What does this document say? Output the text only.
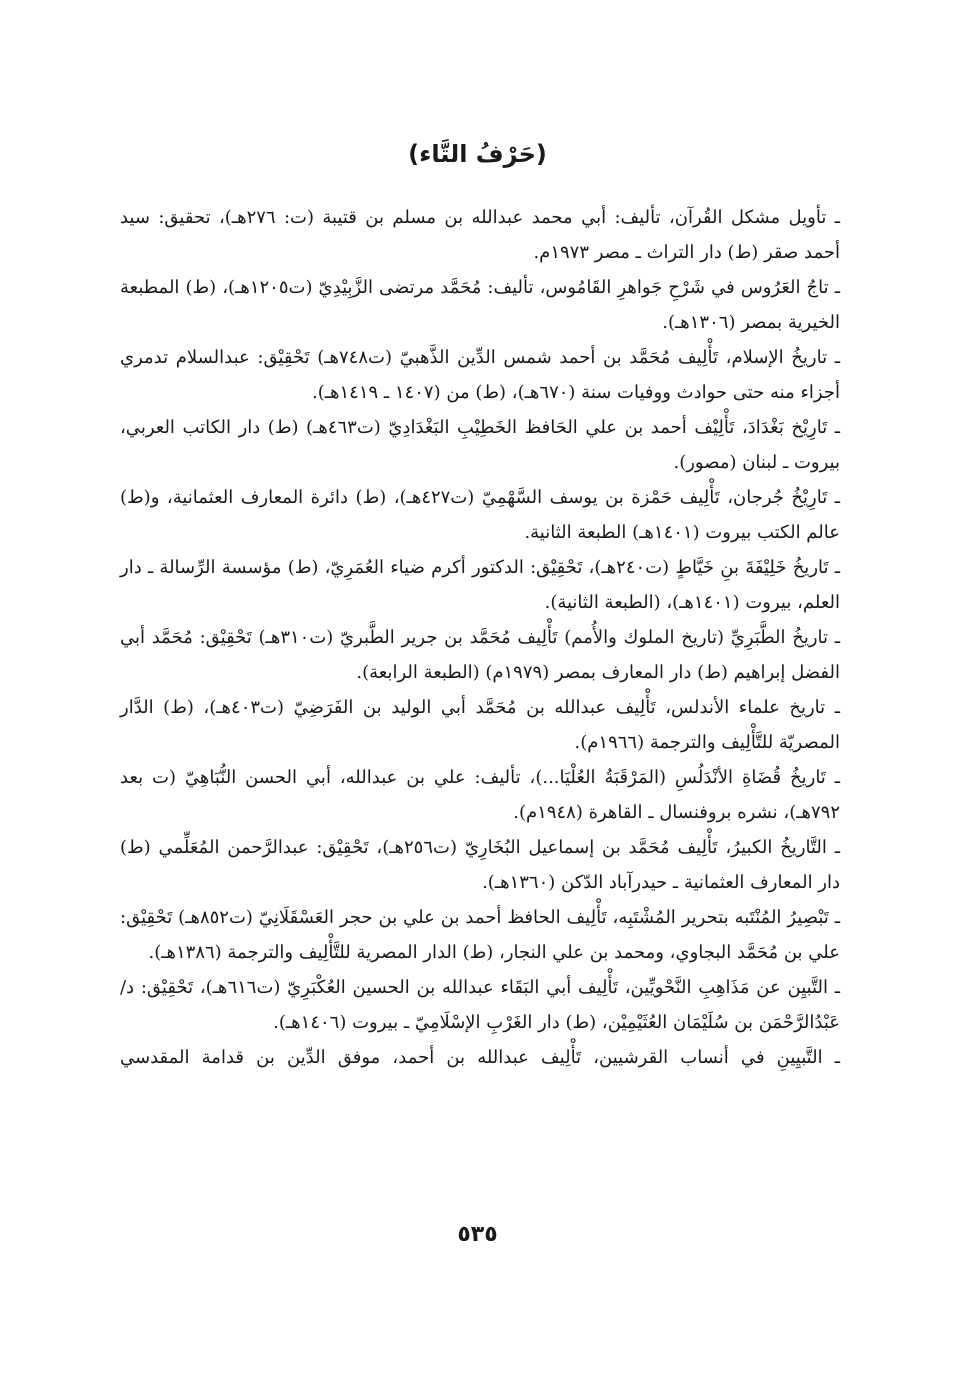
(حَرْفُ التَّاء)

ـ تأويل مشكل القُرآن، تأليف: أبي محمد عبدالله بن مسلم بن قتيبة (ت: ٢٧٦هـ)، تحقيق: سيد أحمد صقر (ط) دار التراث ـ مصر ١٩٧٣م.

ـ تاجُ العَرُوس في شَرْحِ جَواهرِ القَامُوس، تأليف: مُحَمَّد مرتضى الزَّبِيْدِيّ (ت١٢٠٥هـ)، (ط) المطبعة الخيرية بمصر (١٣٠٦هـ).

ـ تاريخُ الإسلام، تَأْلِيف مُحَمَّد بن أحمد شمس الدِّين الذَّهبيّ (ت٧٤٨هـ) تَحْقِيْق: عبدالسلام تدمري أجزاء منه حتى حوادث ووفيات سنة (٦٧٠هـ)، (ط) من (١٤٠٧ ـ ١٤١٩هـ).

ـ تَارِيْخ بَغْدَادَ، تَأْلِيْف أحمد بن علي الحَافظ الخَطِيْبِ البَغْدَادِيّ (ت٤٦٣هـ) (ط) دار الكاتب العربي، بيروت ـ لبنان (مصور).

ـ تَارِيْخُ جُرجان، تَأْلِيف حَمْزة بن يوسف السَّهْمِيّ (ت٤٢٧هـ)، (ط) دائرة المعارف العثمانية، و(ط) عالم الكتب بيروت (١٤٠١هـ) الطبعة الثانية.

ـ تَاريخُ خَلِيْفَةَ بنِ خَيَّاطٍ (ت٢٤٠هـ)، تَحْقِيْق: الدكتور أكرم ضياء العُمَرِيّ، (ط) مؤسسة الرِّسالة ـ دار العلم، بيروت (١٤٠١هـ)، (الطبعة الثانية).

ـ تاريخُ الطَّبَرِيِّ (تاريخ الملوك والأُمم) تَأْلِيف مُحَمَّد بن جرير الطَّبريّ (ت٣١٠هـ) تَحْقِيْق: مُحَمَّد أبي الفضل إبراهيم (ط) دار المعارف بمصر (١٩٧٩م) (الطبعة الرابعة).

ـ تاريخ علماء الأندلس، تَأْلِيف عبدالله بن مُحَمَّد أبي الوليد بن الفَرَضِيّ (ت٤٠٣هـ)، (ط) الدَّار المصريّة للتَّأْلِيف والترجمة (١٩٦٦م).

ـ تَاريخُ قُضَاةِ الأنْدَلُسِ (المَرْقَبَةُ العُلْيَا...)، تأليف: علي بن عبدالله، أبي الحسن النُّبَاهِيّ (ت بعد ٧٩٢هـ)، نشره بروفنسال ـ القاهرة (١٩٤٨م).

ـ التَّاريخُ الكبيرُ، تَأْلِيف مُحَمَّد بن إسماعيل البُخَارِيّ (ت٢٥٦هـ)، تَحْقِيْق: عبدالرَّحمن المُعَلِّمي (ط) دار المعارف العثمانية ـ حيدرآباد الدّكن (١٣٦٠هـ).

ـ تَبْصِيرُ المُنْتَبه بتحرير المُشْتَبِه، تَأْلِيف الحافظ أحمد بن علي بن حجر العَسْقَلَانِيّ (ت٨٥٢هـ) تَحْقِيْق: علي بن مُحَمَّد البجاوي، ومحمد بن علي النجار، (ط) الدار المصرية للتَّأْلِيف والترجمة (١٣٨٦هـ).

ـ التَّبيِن عن مَذَاهِبِ النَّحْويِّين، تَأْلِيف أبي البَقَاء عبدالله بن الحسين العُكْبَرِيّ (ت٦١٦هـ)، تَحْقِيْق: د/ عَبْدُالرَّحْمَن بن سُلَيْمَان العُثَيْمِيْن، (ط) دار الغَرْبِ الإسْلَامِيّ ـ بيروت (١٤٠٦هـ).

ـ التَّبيِينِ في أنساب القرشيين، تَأْلِيف عبدالله بن أحمد، موفق الدِّين بن قدامة المقدسي

٥٣٥
